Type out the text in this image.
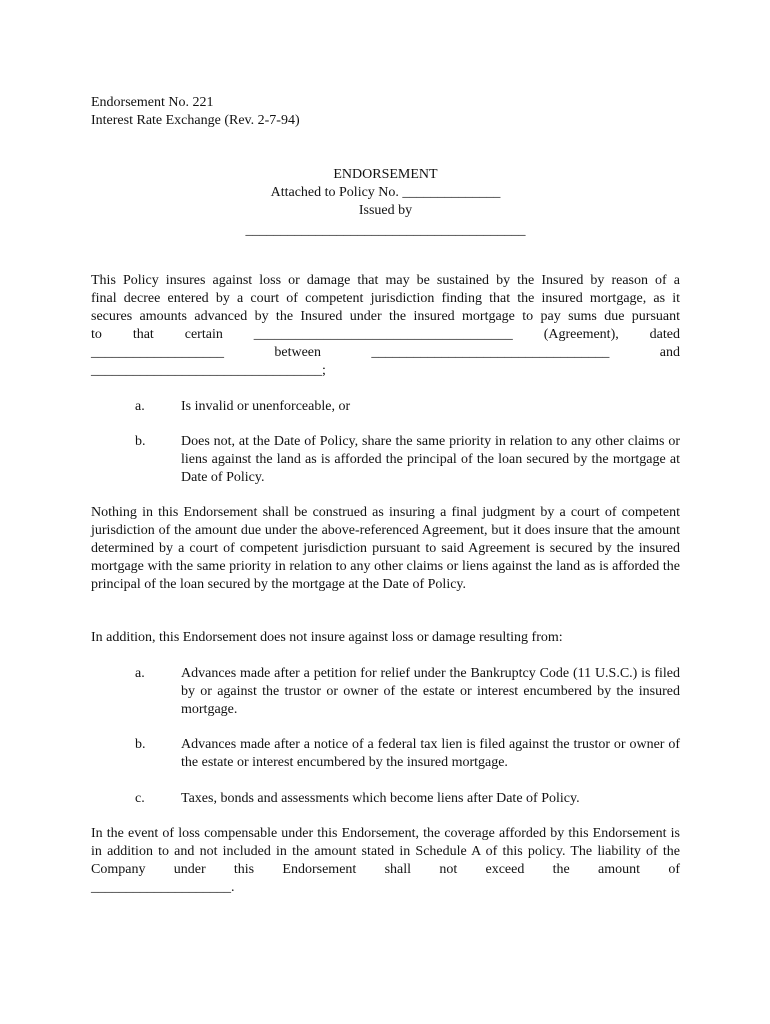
Endorsement No. 221
Interest Rate Exchange (Rev. 2-7-94)
ENDORSEMENT
Attached to Policy No. ______________
Issued by
________________________________________
This Policy insures against loss or damage that may be sustained by the Insured by reason of a
final decree entered by a court of competent jurisdiction finding that the insured mortgage, as it
secures amounts advanced by the Insured under the insured mortgage to pay sums due pursuant
to that certain _____________________________________ (Agreement), dated
___________________ between __________________________________ and
_________________________________;
a.	Is invalid or unenforceable, or
b.	Does not, at the Date of Policy, share the same priority in relation to any other claims or liens against the land as is afforded the principal of the loan secured by the mortgage at Date of Policy.
Nothing in this Endorsement shall be construed as insuring a final judgment by a court of competent jurisdiction of the amount due under the above-referenced Agreement, but it does insure that the amount determined by a court of competent jurisdiction pursuant to said Agreement is secured by the insured mortgage with the same priority in relation to any other claims or liens against the land as is afforded the principal of the loan secured by the mortgage at the Date of Policy.
In addition, this Endorsement does not insure against loss or damage resulting from:
a.	Advances made after a petition for relief under the Bankruptcy Code (11 U.S.C.) is filed by or against the trustor or owner of the estate or interest encumbered by the insured mortgage.
b.	Advances made after a notice of a federal tax lien is filed against the trustor or owner of the estate or interest encumbered by the insured mortgage.
c.	Taxes, bonds and assessments which become liens after Date of Policy.
In the event of loss compensable under this Endorsement, the coverage afforded by this Endorsement is in addition to and not included in the amount stated in Schedule A of this policy. The liability of the Company under this Endorsement shall not exceed the amount of
____________________.
